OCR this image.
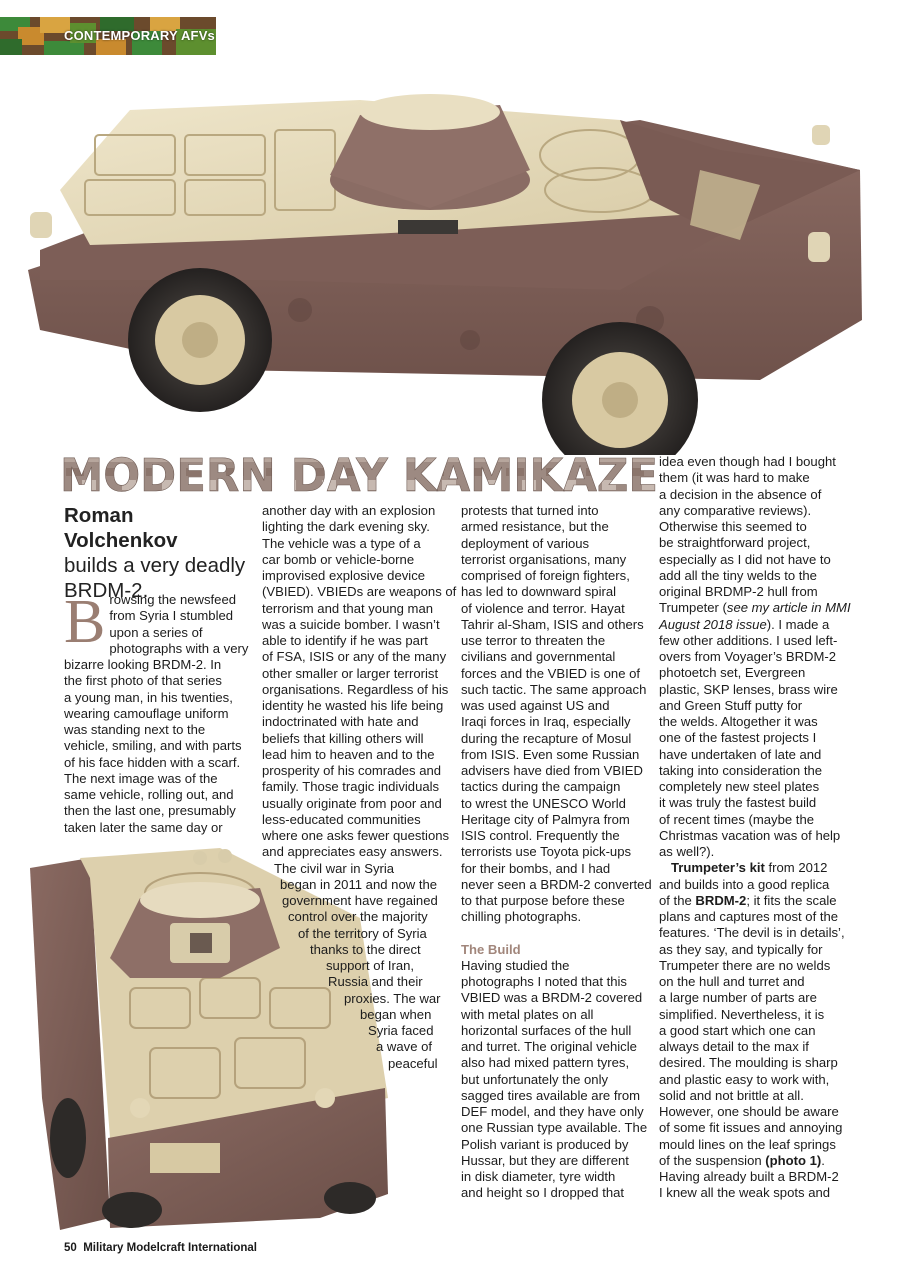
CONTEMPORARY AFVs
MODERN DAY KAMIKAZE

Roman Volchenkov
builds a very deadly BRDM-2.

B rowsing the newsfeed
from Syria I stumbled
upon a series of
photographs with a very
bizarre looking BRDM-2. In
the first photo of that series
a young man, in his twenties,
wearing camouflage uniform
was standing next to the
vehicle, smiling, and with parts
of his face hidden with a scarf.
The next image was of the
same vehicle, rolling out, and
then the last one, presumably
taken later the same day or
another day with an explosion
lighting the dark evening sky.
The vehicle was a type of a
car bomb or vehicle-borne
improvised explosive device
(VBIED). VBIEDs are weapons of
terrorism and that young man
was a suicide bomber. I wasn’t
able to identify if he was part
of FSA, ISIS or any of the many
other smaller or larger terrorist
organisations. Regardless of his
identity he wasted his life being
indoctrinated with hate and
beliefs that killing others will
lead him to heaven and to the
prosperity of his comrades and
family. Those tragic individuals
usually originate from poor and
less-educated communities
where one asks fewer questions
and appreciates easy answers.
The civil war in Syria
began in 2011 and now the
government have regained
control over the majority
of the territory of Syria
thanks to the direct
support of Iran,
Russia and their
proxies. The war
began when
Syria faced
a wave of
peaceful
protests that turned into
armed resistance, but the
deployment of various
terrorist organisations, many
comprised of foreign fighters,
has led to downward spiral
of violence and terror. Hayat
Tahrir al-Sham, ISIS and others
use terror to threaten the
civilians and governmental
forces and the VBIED is one of
such tactic. The same approach
was used against US and
Iraqi forces in Iraq, especially
during the recapture of Mosul
from ISIS. Even some Russian
advisers have died from VBIED
tactics during the campaign
to wrest the UNESCO World
Heritage city of Palmyra from
ISIS control. Frequently the
terrorists use Toyota pick-ups
for their bombs, and I had
never seen a BRDM-2 converted
to that purpose before these
chilling photographs.

The Build

Having studied the
photographs I noted that this
VBIED was a BRDM-2 covered
with metal plates on all
horizontal surfaces of the hull
and turret. The original vehicle
also had mixed pattern tyres,
but unfortunately the only
sagged tires available are from
DEF model, and they have only
one Russian type available. The
Polish variant is produced by
Hussar, but they are different
in disk diameter, tyre width
and height so I dropped that
idea even though had I bought
them (it was hard to make
a decision in the absence of
any comparative reviews).
Otherwise this seemed to
be straightforward project,
especially as I did not have to
add all the tiny welds to the
original BRDMP-2 hull from
Trumpeter (see my article in MMI
August 2018 issue). I made a
few other additions. I used left-
overs from Voyager’s BRDM-2
photoetch set, Evergreen
plastic, SKP lenses, brass wire
and Green Stuff putty for
the welds. Altogether it was
one of the fastest projects I
have undertaken of late and
taking into consideration the
completely new steel plates
it was truly the fastest build
of recent times (maybe the
Christmas vacation was of help
as well?).
Trumpeter’s kit from 2012
and builds into a good replica
of the BRDM-2; it fits the scale
plans and captures most of the
features. ‘The devil is in details’,
as they say, and typically for
Trumpeter there are no welds
on the hull and turret and
a large number of parts are
simplified. Nevertheless, it is
a good start which one can
always detail to the max if
desired. The moulding is sharp
and plastic easy to work with,
solid and not brittle at all.
However, one should be aware
of some fit issues and annoying
mould lines on the leaf springs
of the suspension (photo 1).
Having already built a BRDM-2
I knew all the weak spots and
50 Military Modelcraft International
